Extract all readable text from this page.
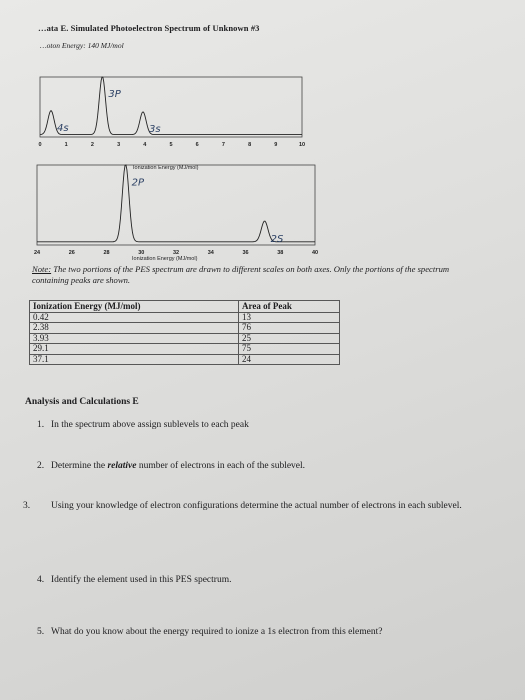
…ata E. Simulated Photoelectron Spectrum of Unknown #3
…oton Energy: 140 MJ/mol
4s
3P
3s
0	1	2	3	4	5	6	7	8	9	10
Ionization Energy (MJ/mol)
2P
2S
24	26	28	30	32	34	36	38	40
Ionization Energy (MJ/mol)
Note: The two portions of the PES spectrum are drawn to different scales on both axes. Only the portions of the spectrum containing peaks are shown.
Ionization Energy (MJ/mol)	Area of Peak
0.42	13
2.38	76
3.93	25
29.1	75
37.1	24
Analysis and Calculations E
1. In the spectrum above assign sublevels to each peak
2. Determine the relative number of electrons in each of the sublevel.
3. Using your knowledge of electron configurations determine the actual number of electrons in each sublevel.
4. Identify the element used in this PES spectrum.
5. What do you know about the energy required to ionize a 1s electron from this element?
